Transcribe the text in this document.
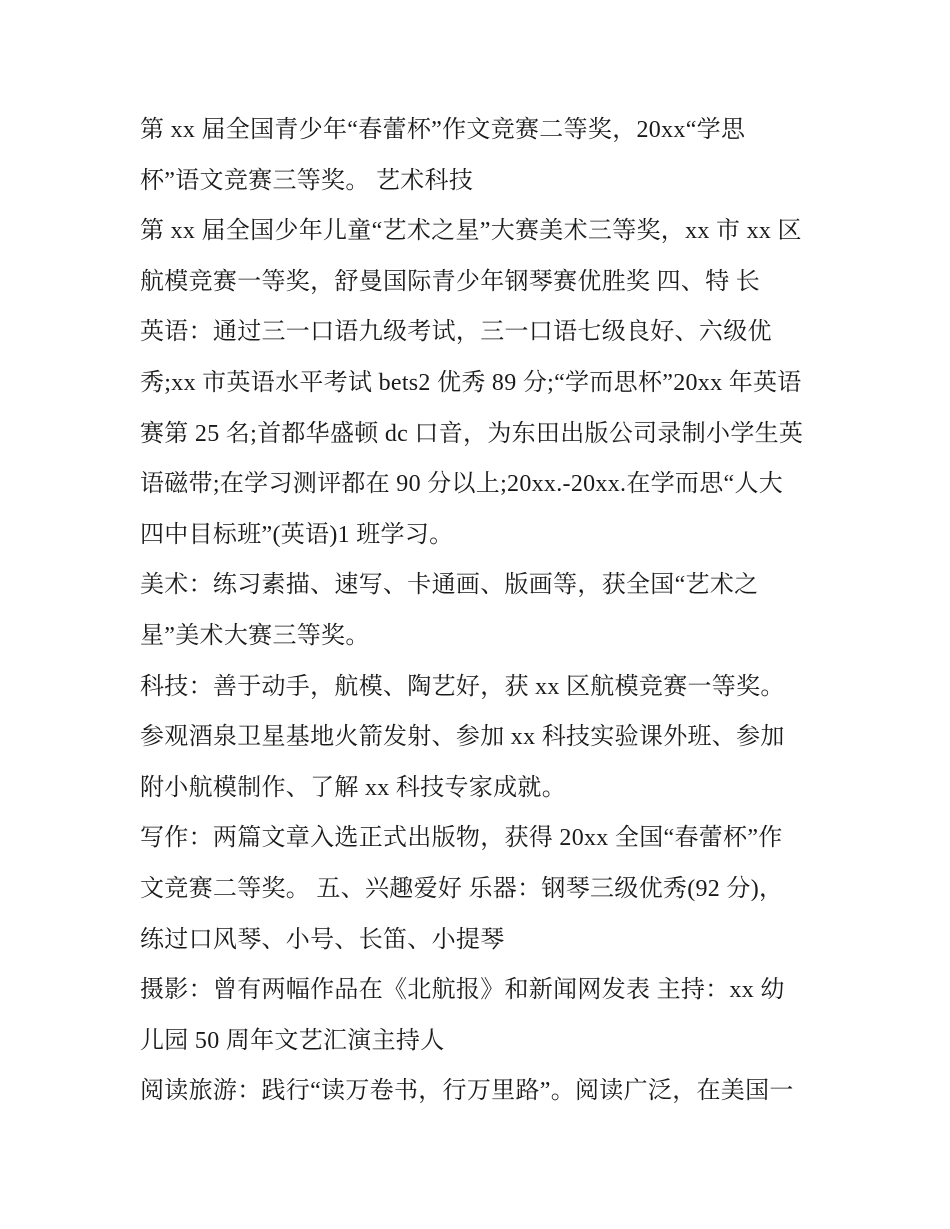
第 xx 届全国青少年“春蕾杯”作文竞赛二等奖，20xx“学思
杯”语文竞赛三等奖。 艺术科技
第 xx 届全国少年儿童“艺术之星”大赛美术三等奖，xx 市 xx 区
航模竞赛一等奖，舒曼国际青少年钢琴赛优胜奖 四、特 长
英语：通过三一口语九级考试，三一口语七级良好、六级优
秀;xx 市英语水平考试 bets2 优秀 89 分;“学而思杯”20xx 年英语
赛第 25 名;首都华盛顿 dc 口音，为东田出版公司录制小学生英
语磁带;在学习测评都在 90 分以上;20xx.-20xx.在学而思“人大
四中目标班”(英语)1 班学习。
美术：练习素描、速写、卡通画、版画等，获全国“艺术之
星”美术大赛三等奖。
科技：善于动手，航模、陶艺好，获 xx 区航模竞赛一等奖。
参观酒泉卫星基地火箭发射、参加 xx 科技实验课外班、参加
附小航模制作、了解 xx 科技专家成就。
写作：两篇文章入选正式出版物，获得 20xx 全国“春蕾杯”作
文竞赛二等奖。 五、兴趣爱好 乐器：钢琴三级优秀(92 分)，
练过口风琴、小号、长笛、小提琴
摄影：曾有两幅作品在《北航报》和新闻网发表 主持：xx 幼
儿园 50 周年文艺汇演主持人
阅读旅游：践行“读万卷书，行万里路”。阅读广泛，在美国一
